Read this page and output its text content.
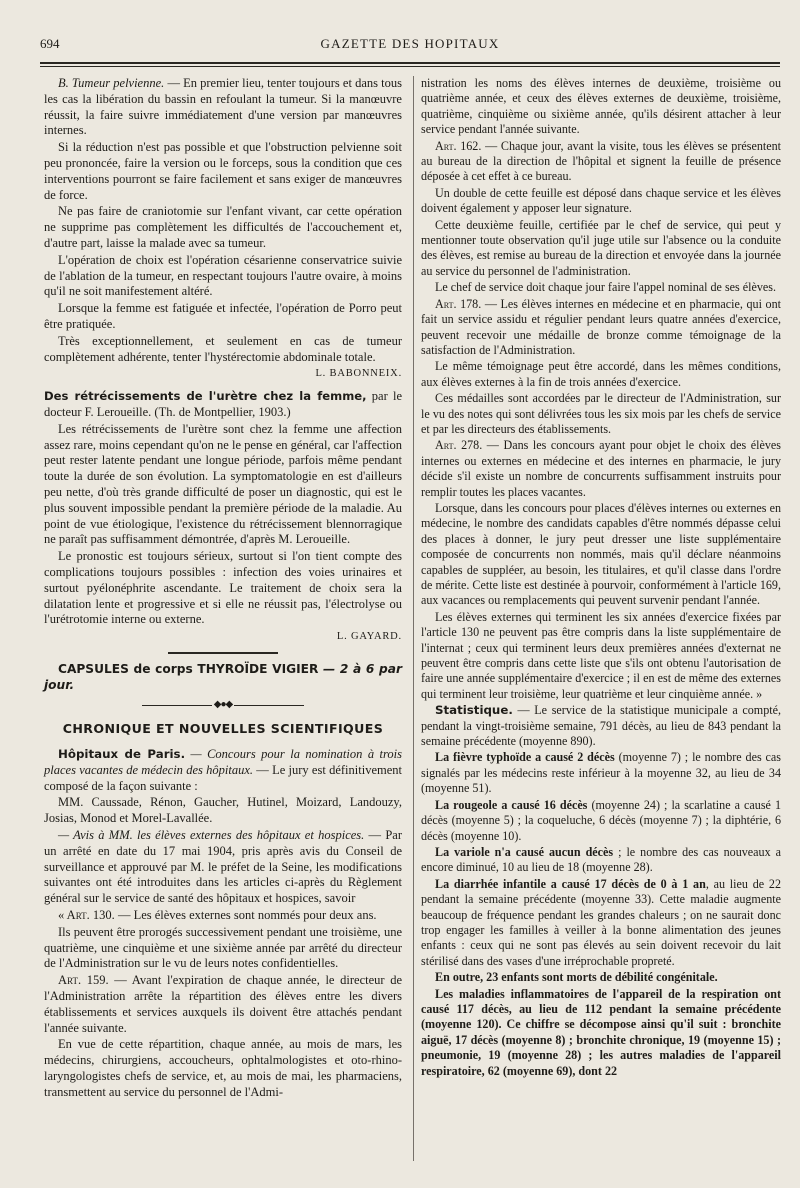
694	GAZETTE DES HOPITAUX

B. Tumeur pelvienne. — En premier lieu, tenter toujours et dans tous les cas la libération du bassin en refoulant la tumeur. Si la manœuvre réussit, la faire suivre immédiatement d'une version par manœuvres internes.

Si la réduction n'est pas possible et que l'obstruction pelvienne soit peu prononcée, faire la version ou le forceps, sous la condition que ces interventions pourront se faire facilement et sans exiger de manœuvres de force.

Ne pas faire de craniotomie sur l'enfant vivant, car cette opération ne supprime pas complètement les difficultés de l'accouchement et, d'autre part, laisse la malade avec sa tumeur.

L'opération de choix est l'opération césarienne conservatrice suivie de l'ablation de la tumeur, en respectant toujours l'autre ovaire, à moins qu'il ne soit manifestement altéré.

Lorsque la femme est fatiguée et infectée, l'opération de Porro peut être pratiquée.

Très exceptionnellement, et seulement en cas de tumeur complètement adhérente, tenter l'hystérectomie abdominale totale.

L. BABONNEIX.

Des rétrécissements de l'urètre chez la femme, par le docteur F. Leroueille. (Th. de Montpellier, 1903.)

Les rétrécissements de l'urètre sont chez la femme une affection assez rare, moins cependant qu'on ne le pense en général, car l'affection peut rester latente pendant une longue période, parfois même pendant toute la durée de son évolution. La symptomatologie en est d'ailleurs peu nette, d'où très grande difficulté de poser un diagnostic, qui est le plus souvent impossible pendant la première période de la maladie. Au point de vue étiologique, l'existence du rétrécissement blennorragique ne paraît pas suffisamment démontrée, d'après M. Leroueille.

Le pronostic est toujours sérieux, surtout si l'on tient compte des complications toujours possibles : infection des voies urinaires et surtout pyélonéphrite ascendante. Le traitement de choix sera la dilatation lente et progressive et si elle ne réussit pas, l'électrolyse ou l'urétrotomie interne ou externe.

L. GAYARD.

CAPSULES de corps THYROÏDE VIGIER — 2 à 6 par jour.

◆●◆
CHRONIQUE ET NOUVELLES SCIENTIFIQUES

Hôpitaux de Paris. — Concours pour la nomination à trois places vacantes de médecin des hôpitaux. — Le jury est définitivement composé de la façon suivante :

MM. Caussade, Rénon, Gaucher, Hutinel, Moizard, Landouzy, Josias, Monod et Morel-Lavallée.

— Avis à MM. les élèves externes des hôpitaux et hospices. — Par un arrêté en date du 17 mai 1904, pris après avis du Conseil de surveillance et approuvé par M. le préfet de la Seine, les modifications suivantes ont été introduites dans les articles ci-après du Règlement général sur le service de santé des hôpitaux et hospices, savoir

« Art. 130. — Les élèves externes sont nommés pour deux ans.

Ils peuvent être prorogés successivement pendant une troisième, une quatrième, une cinquième et une sixième année par arrêté du directeur de l'Administration sur le vu de leurs notes confidentielles.

Art. 159. — Avant l'expiration de chaque année, le directeur de l'Administration arrête la répartition des élèves entre les divers établissements et services auxquels ils doivent être attachés pendant l'année suivante.

En vue de cette répartition, chaque année, au mois de mars, les médecins, chirurgiens, accoucheurs, ophtalmologistes et oto-rhino-laryngologistes chefs de service, et, au mois de mai, les pharmaciens, transmettent au service du personnel de l'Admi-

nistration les noms des élèves internes de deuxième, troisième ou quatrième année, et ceux des élèves externes de deuxième, troisième, quatrième, cinquième ou sixième année, qu'ils désirent attacher à leur service pendant l'année suivante.

Art. 162. — Chaque jour, avant la visite, tous les élèves se présentent au bureau de la direction de l'hôpital et signent la feuille de présence déposée à cet effet à ce bureau.

Un double de cette feuille est déposé dans chaque service et les élèves doivent également y apposer leur signature.

Cette deuxième feuille, certifiée par le chef de service, qui peut y mentionner toute observation qu'il juge utile sur l'absence ou la conduite des élèves, est remise au bureau de la direction et envoyée dans la journée au service du personnel de l'administration.

Le chef de service doit chaque jour faire l'appel nominal de ses élèves.

Art. 178. — Les élèves internes en médecine et en pharmacie, qui ont fait un service assidu et régulier pendant leurs quatre années d'exercice, peuvent recevoir une médaille de bronze comme témoignage de la satisfaction de l'Administration.

Le même témoignage peut être accordé, dans les mêmes conditions, aux élèves externes à la fin de trois années d'exercice.

Ces médailles sont accordées par le directeur de l'Administration, sur le vu des notes qui sont délivrées tous les six mois par les chefs de service et par les directeurs des établissements.

Art. 278. — Dans les concours ayant pour objet le choix des élèves internes ou externes en médecine et des internes en pharmacie, le jury décide s'il existe un nombre de concurrents suffisamment instruits pour remplir toutes les places vacantes.

Lorsque, dans les concours pour places d'élèves internes ou externes en médecine, le nombre des candidats capables d'être nommés dépasse celui des places à donner, le jury peut dresser une liste supplémentaire composée de concurrents non nommés, mais qu'il déclare néanmoins capables de suppléer, au besoin, les titulaires, et qu'il classe dans l'ordre de mérite. Cette liste est destinée à pourvoir, conformément à l'article 169, aux vacances ou remplacements qui peuvent survenir pendant l'année.

Les élèves externes qui terminent les six années d'exercice fixées par l'article 130 ne peuvent pas être compris dans la liste supplémentaire de l'internat ; ceux qui terminent leurs deux premières années d'externat ne peuvent être compris dans cette liste que s'ils ont obtenu l'autorisation de faire une année supplémentaire d'exercice ; il en est de même des externes qui terminent leur troisième, leur quatrième et leur cinquième année. »

Statistique. — Le service de la statistique municipale a compté, pendant la vingt-troisième semaine, 791 décès, au lieu de 843 pendant la semaine précédente (moyenne 890).

La fièvre typhoïde a causé 2 décès (moyenne 7) ; le nombre des cas signalés par les médecins reste inférieur à la moyenne 32, au lieu de 34 (moyenne 51).

La rougeole a causé 16 décès (moyenne 24) ; la scarlatine a causé 1 décès (moyenne 5) ; la coqueluche, 6 décès (moyenne 7) ; la diphtérie, 6 décès (moyenne 10).

La variole n'a causé aucun décès ; le nombre des cas nouveaux a encore diminué, 10 au lieu de 18 (moyenne 28).

La diarrhée infantile a causé 17 décès de 0 à 1 an, au lieu de 22 pendant la semaine précédente (moyenne 33). Cette maladie augmente beaucoup de fréquence pendant les grandes chaleurs ; on ne saurait donc trop engager les familles à veiller à la bonne alimentation des jeunes enfants : ceux qui ne sont pas élevés au sein doivent recevoir du lait stérilisé dans des vases d'une irréprochable propreté.

En outre, 23 enfants sont morts de débilité congénitale.

Les maladies inflammatoires de l'appareil de la respiration ont causé 117 décès, au lieu de 112 pendant la semaine précédente (moyenne 120). Ce chiffre se décompose ainsi qu'il suit : bronchite aiguë, 17 décès (moyenne 8) ; bronchite chronique, 19 (moyenne 15) ; pneumonie, 19 (moyenne 28) ; les autres maladies de l'appareil respiratoire, 62 (moyenne 69), dont 22
